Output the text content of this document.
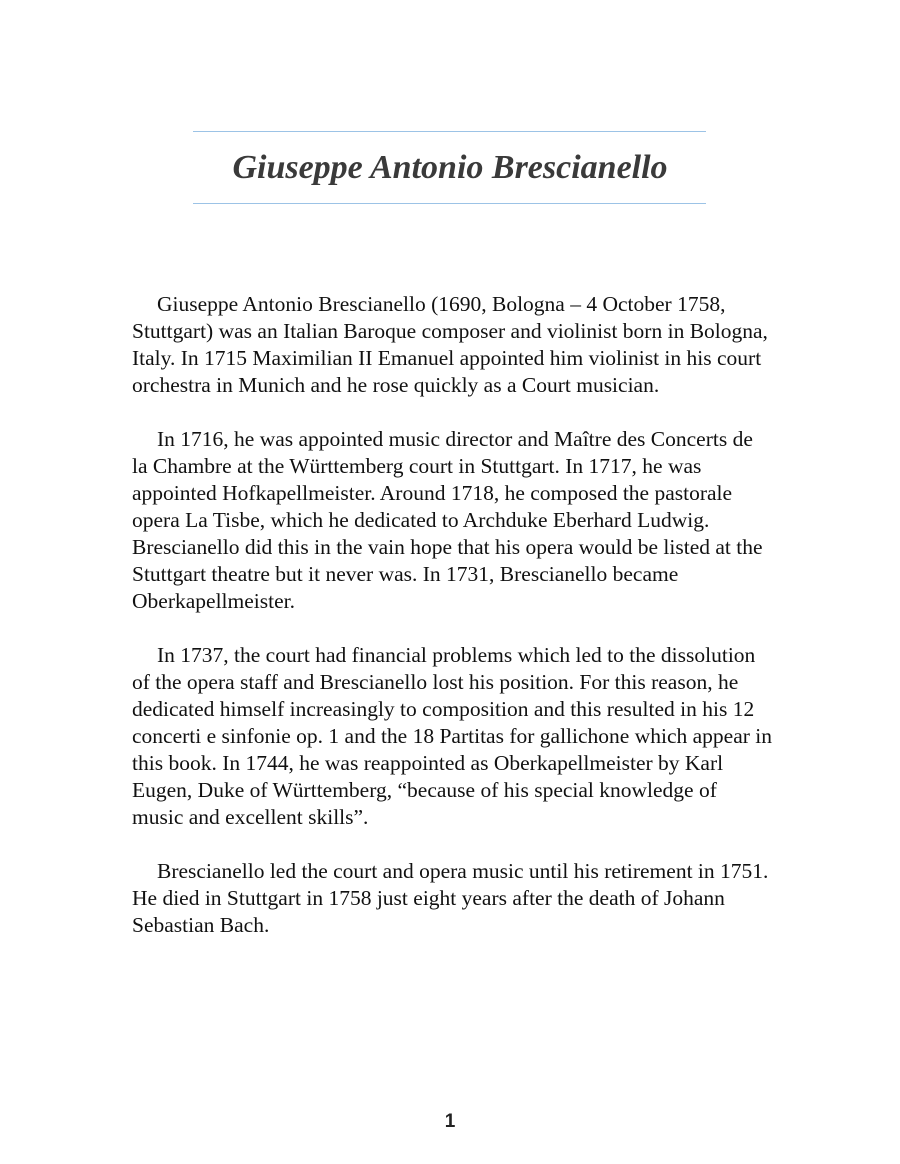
Giuseppe Antonio Brescianello

Giuseppe Antonio Brescianello (1690, Bologna – 4 October 1758, Stuttgart) was an Italian Baroque composer and violinist born in Bologna, Italy. In 1715 Maximilian II Emanuel appointed him violinist in his court orchestra in Munich and he rose quickly as a Court musician.

In 1716, he was appointed music director and Maître des Concerts de la Chambre at the Württemberg court in Stuttgart. In 1717, he was appointed Hofkapellmeister. Around 1718, he composed the pastorale opera La Tisbe, which he dedicated to Archduke Eberhard Ludwig. Brescianello did this in the vain hope that his opera would be listed at the Stuttgart theatre but it never was. In 1731, Brescianello became Oberkapellmeister.

In 1737, the court had financial problems which led to the dissolution of the opera staff and Brescianello lost his position. For this reason, he dedicated himself increasingly to composition and this resulted in his 12 concerti e sinfonie op. 1 and the 18 Partitas for gallichone which appear in this book. In 1744, he was reappointed as Oberkapellmeister by Karl Eugen, Duke of Württemberg, “because of his special knowledge of music and excellent skills”.

Brescianello led the court and opera music until his retirement in 1751. He died in Stuttgart in 1758 just eight years after the death of Johann Sebastian Bach.

1
